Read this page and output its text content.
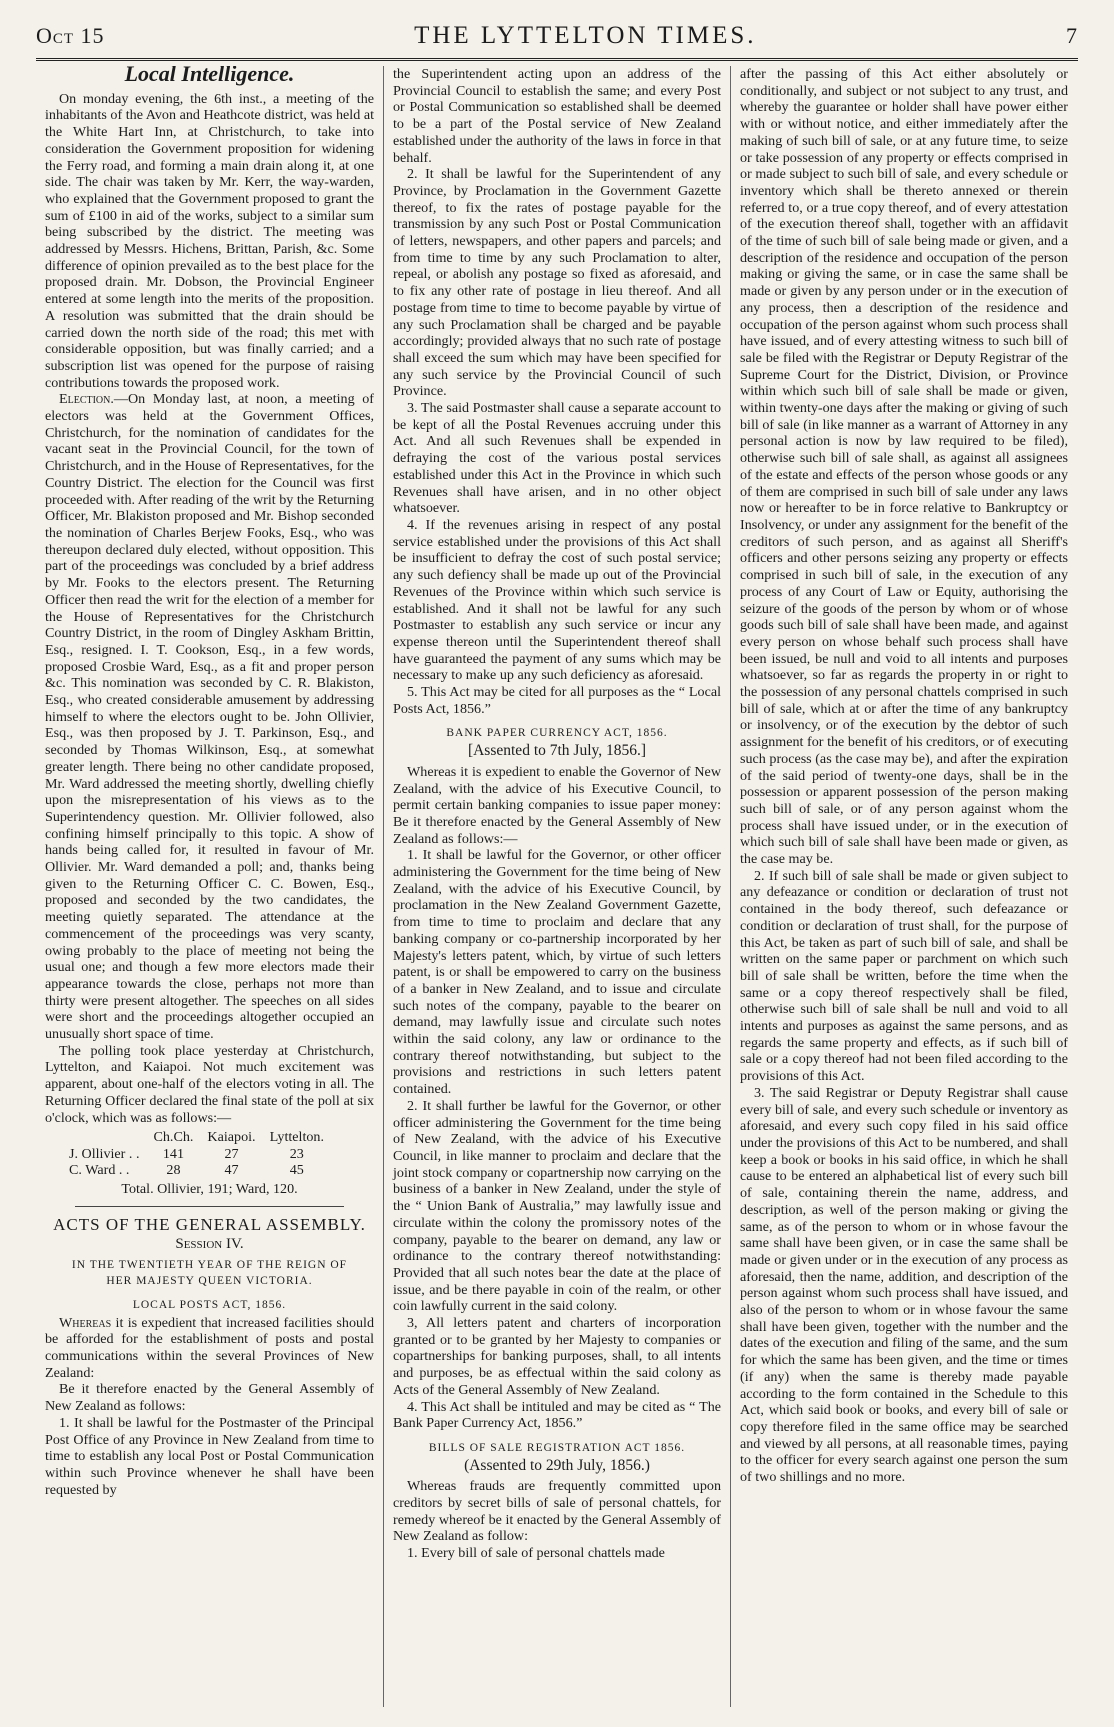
Oct 15	THE LYTTELTON TIMES.	7
Local Intelligence.

On monday evening, the 6th inst., a meeting of the inhabitants of the Avon and Heathcote district, was held at the White Hart Inn, at Christchurch, to take into consideration the Government proposition for widening the Ferry road, and forming a main drain along it, at one side. The chair was taken by Mr. Kerr, the way-warden, who explained that the Government proposed to grant the sum of £100 in aid of the works, subject to a similar sum being subscribed by the district. The meeting was addressed by Messrs. Hichens, Brittan, Parish, &c. Some difference of opinion prevailed as to the best place for the proposed drain. Mr. Dobson, the Provincial Engineer entered at some length into the merits of the proposition. A resolution was submitted that the drain should be carried down the north side of the road; this met with considerable opposition, but was finally carried; and a subscription list was opened for the purpose of raising contributions towards the proposed work.

Election.—On Monday last, at noon, a meeting of electors was held at the Government Offices, Christchurch, for the nomination of candidates for the vacant seat in the Provincial Council, for the town of Christchurch, and in the House of Representatives, for the Country District. The election for the Council was first proceeded with. After reading of the writ by the Returning Officer, Mr. Blakiston proposed and Mr. Bishop seconded the nomination of Charles Berjew Fooks, Esq., who was thereupon declared duly elected, without opposition. This part of the proceedings was concluded by a brief address by Mr. Fooks to the electors present. The Returning Officer then read the writ for the election of a member for the House of Representatives for the Christchurch Country District, in the room of Dingley Askham Brittin, Esq., resigned. I. T. Cookson, Esq., in a few words, proposed Crosbie Ward, Esq., as a fit and proper person &c. This nomination was seconded by C. R. Blakiston, Esq., who created considerable amusement by addressing himself to where the electors ought to be. John Ollivier, Esq., was then proposed by J. T. Parkinson, Esq., and seconded by Thomas Wilkinson, Esq., at somewhat greater length. There being no other candidate proposed, Mr. Ward addressed the meeting shortly, dwelling chiefly upon the misrepresentation of his views as to the Superintendency question. Mr. Ollivier followed, also confining himself principally to this topic. A show of hands being called for, it resulted in favour of Mr. Ollivier. Mr. Ward demanded a poll; and, thanks being given to the Returning Officer C. C. Bowen, Esq., proposed and seconded by the two candidates, the meeting quietly separated. The attendance at the commencement of the proceedings was very scanty, owing probably to the place of meeting not being the usual one; and though a few more electors made their appearance towards the close, perhaps not more than thirty were present altogether. The speeches on all sides were short and the proceedings altogether occupied an unusually short space of time.

The polling took place yesterday at Christchurch, Lyttelton, and Kaiapoi. Not much excitement was apparent, about one-half of the electors voting in all. The Returning Officer declared the final state of the poll at six o'clock, which was as follows:—

	Ch.Ch.	Kaiapoi.	Lyttelton.
J. Ollivier . .	141	27	23
C. Ward . .	28	47	45
Total. Ollivier, 191; Ward, 120.
ACTS OF THE GENERAL ASSEMBLY.
Session IV.
IN THE TWENTIETH YEAR OF THE REIGN OF
HER MAJESTY QUEEN VICTORIA.
LOCAL POSTS ACT, 1856.

Whereas it is expedient that increased facilities should be afforded for the establishment of posts and postal communications within the several Provinces of New Zealand:

Be it therefore enacted by the General Assembly of New Zealand as follows:

1. It shall be lawful for the Postmaster of the Principal Post Office of any Province in New Zealand from time to time to establish any local Post or Postal Communication within such Province whenever he shall have been requested by

the Superintendent acting upon an address of the Provincial Council to establish the same; and every Post or Postal Communication so established shall be deemed to be a part of the Postal service of New Zealand established under the authority of the laws in force in that behalf.

2. It shall be lawful for the Superintendent of any Province, by Proclamation in the Government Gazette thereof, to fix the rates of postage payable for the transmission by any such Post or Postal Communication of letters, newspapers, and other papers and parcels; and from time to time by any such Proclamation to alter, repeal, or abolish any postage so fixed as aforesaid, and to fix any other rate of postage in lieu thereof. And all postage from time to time to become payable by virtue of any such Proclamation shall be charged and be payable accordingly; provided always that no such rate of postage shall exceed the sum which may have been specified for any such service by the Provincial Council of such Province.

3. The said Postmaster shall cause a separate account to be kept of all the Postal Revenues accruing under this Act. And all such Revenues shall be expended in defraying the cost of the various postal services established under this Act in the Province in which such Revenues shall have arisen, and in no other object whatsoever.

4. If the revenues arising in respect of any postal service established under the provisions of this Act shall be insufficient to defray the cost of such postal service; any such defiency shall be made up out of the Provincial Revenues of the Province within which such service is established. And it shall not be lawful for any such Postmaster to establish any such service or incur any expense thereon until the Superintendent thereof shall have guaranteed the payment of any sums which may be necessary to make up any such deficiency as aforesaid.

5. This Act may be cited for all purposes as the “ Local Posts Act, 1856.”

BANK PAPER CURRENCY ACT, 1856.
[Assented to 7th July, 1856.]

Whereas it is expedient to enable the Governor of New Zealand, with the advice of his Executive Council, to permit certain banking companies to issue paper money: Be it therefore enacted by the General Assembly of New Zealand as follows:—

1. It shall be lawful for the Governor, or other officer administering the Government for the time being of New Zealand, with the advice of his Executive Council, by proclamation in the New Zealand Government Gazette, from time to time to proclaim and declare that any banking company or co-partnership incorporated by her Majesty's letters patent, which, by virtue of such letters patent, is or shall be empowered to carry on the business of a banker in New Zealand, and to issue and circulate such notes of the company, payable to the bearer on demand, may lawfully issue and circulate such notes within the said colony, any law or ordinance to the contrary thereof notwithstanding, but subject to the provisions and restrictions in such letters patent contained.

2. It shall further be lawful for the Governor, or other officer administering the Government for the time being of New Zealand, with the advice of his Executive Council, in like manner to proclaim and declare that the joint stock company or copartnership now carrying on the business of a banker in New Zealand, under the style of the “ Union Bank of Australia,” may lawfully issue and circulate within the colony the promissory notes of the company, payable to the bearer on demand, any law or ordinance to the contrary thereof notwithstanding: Provided that all such notes bear the date at the place of issue, and be there payable in coin of the realm, or other coin lawfully current in the said colony.

3, All letters patent and charters of incorporation granted or to be granted by her Majesty to companies or copartnerships for banking purposes, shall, to all intents and purposes, be as effectual within the said colony as Acts of the General Assembly of New Zealand.

4. This Act shall be intituled and may be cited as “ The Bank Paper Currency Act, 1856.”

BILLS OF SALE REGISTRATION ACT 1856.
(Assented to 29th July, 1856.)

Whereas frauds are frequently committed upon creditors by secret bills of sale of personal chattels, for remedy whereof be it enacted by the General Assembly of New Zealand as follow:

1. Every bill of sale of personal chattels made

after the passing of this Act either absolutely or conditionally, and subject or not subject to any trust, and whereby the guarantee or holder shall have power either with or without notice, and either immediately after the making of such bill of sale, or at any future time, to seize or take possession of any property or effects comprised in or made subject to such bill of sale, and every schedule or inventory which shall be thereto annexed or therein referred to, or a true copy thereof, and of every attestation of the execution thereof shall, together with an affidavit of the time of such bill of sale being made or given, and a description of the residence and occupation of the person making or giving the same, or in case the same shall be made or given by any person under or in the execution of any process, then a description of the residence and occupation of the person against whom such process shall have issued, and of every attesting witness to such bill of sale be filed with the Registrar or Deputy Registrar of the Supreme Court for the District, Division, or Province within which such bill of sale shall be made or given, within twenty-one days after the making or giving of such bill of sale (in like manner as a warrant of Attorney in any personal action is now by law required to be filed), otherwise such bill of sale shall, as against all assignees of the estate and effects of the person whose goods or any of them are comprised in such bill of sale under any laws now or hereafter to be in force relative to Bankruptcy or Insolvency, or under any assignment for the benefit of the creditors of such person, and as against all Sheriff's officers and other persons seizing any property or effects comprised in such bill of sale, in the execution of any process of any Court of Law or Equity, authorising the seizure of the goods of the person by whom or of whose goods such bill of sale shall have been made, and against every person on whose behalf such process shall have been issued, be null and void to all intents and purposes whatsoever, so far as regards the property in or right to the possession of any personal chattels comprised in such bill of sale, which at or after the time of any bankruptcy or insolvency, or of the execution by the debtor of such assignment for the benefit of his creditors, or of executing such process (as the case may be), and after the expiration of the said period of twenty-one days, shall be in the possession or apparent possession of the person making such bill of sale, or of any person against whom the process shall have issued under, or in the execution of which such bill of sale shall have been made or given, as the case may be.

2. If such bill of sale shall be made or given subject to any defeazance or condition or declaration of trust not contained in the body thereof, such defeazance or condition or declaration of trust shall, for the purpose of this Act, be taken as part of such bill of sale, and shall be written on the same paper or parchment on which such bill of sale shall be written, before the time when the same or a copy thereof respectively shall be filed, otherwise such bill of sale shall be null and void to all intents and purposes as against the same persons, and as regards the same property and effects, as if such bill of sale or a copy thereof had not been filed according to the provisions of this Act.

3. The said Registrar or Deputy Registrar shall cause every bill of sale, and every such schedule or inventory as aforesaid, and every such copy filed in his said office under the provisions of this Act to be numbered, and shall keep a book or books in his said office, in which he shall cause to be entered an alphabetical list of every such bill of sale, containing therein the name, address, and description, as well of the person making or giving the same, as of the person to whom or in whose favour the same shall have been given, or in case the same shall be made or given under or in the execution of any process as aforesaid, then the name, addition, and description of the person against whom such process shall have issued, and also of the person to whom or in whose favour the same shall have been given, together with the number and the dates of the execution and filing of the same, and the sum for which the same has been given, and the time or times (if any) when the same is thereby made payable according to the form contained in the Schedule to this Act, which said book or books, and every bill of sale or copy therefore filed in the same office may be searched and viewed by all persons, at all reasonable times, paying to the officer for every search against one person the sum of two shillings and no more.
